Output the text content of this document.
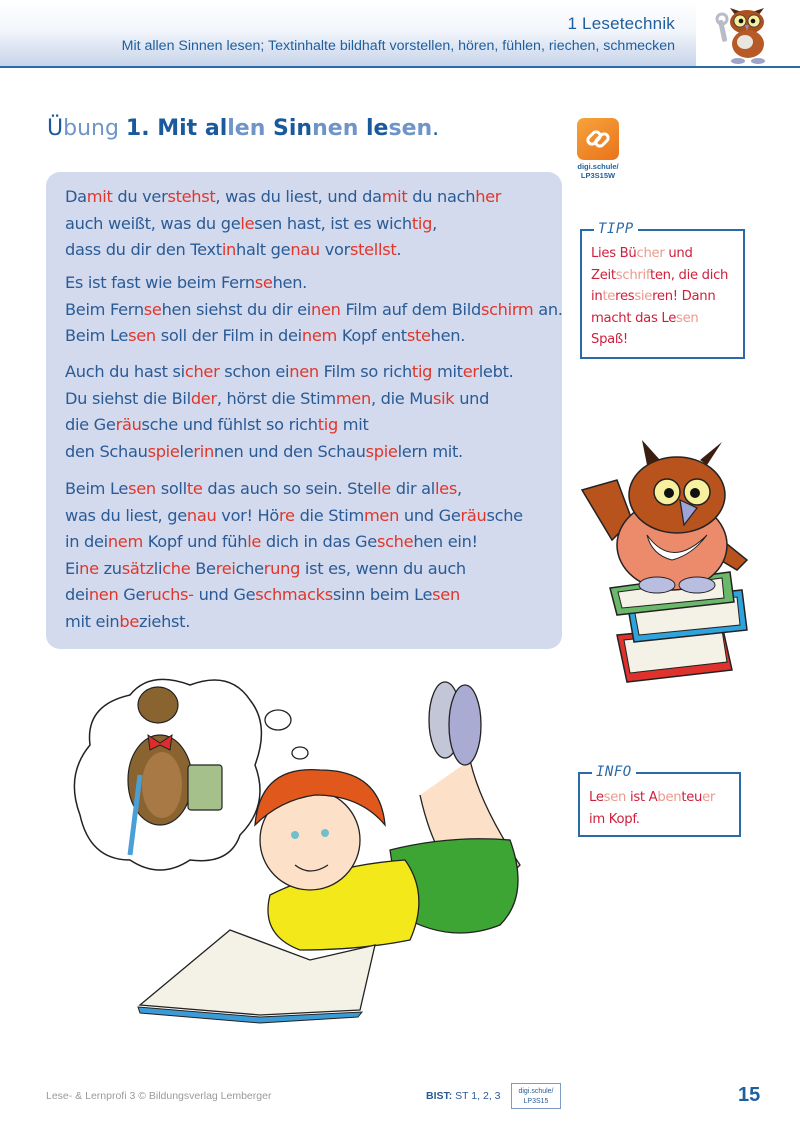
1 Lesetechnik
Mit allen Sinnen lesen; Textinhalte bildhaft vorstellen, hören, fühlen, riechen, schmecken
Übung 1. Mit allen Sinnen lesen.
digi.schule/
LP3S15W
Damit du verstehst, was du liest, und damit du nachher
auch weißt, was du gelesen hast, ist es wichtig,
dass du dir den Textinhalt genau vorstellst.
Es ist fast wie beim Fernsehen.
Beim Fernsehen siehst du dir einen Film auf dem Bildschirm an.
Beim Lesen soll der Film in deinem Kopf entstehen.
Auch du hast sicher schon einen Film so richtig miterlebt.
Du siehst die Bilder, hörst die Stimmen, die Musik und
die Geräusche und fühlst so richtig mit
den Schauspielerinnen und den Schauspielern mit.
Beim Lesen sollte das auch so sein. Stelle dir alles,
was du liest, genau vor! Höre die Stimmen und Geräusche
in deinem Kopf und fühle dich in das Geschehen ein!
Eine zusätzliche Bereicherung ist es, wenn du auch
deinen Geruchs- und Geschmackssinn beim Lesen
mit einbeziehst.
TIPP
Lies Bücher und
Zeitschriften, die dich
interessieren! Dann
macht das Lesen
Spaß!
INFO
Lesen ist Abenteuer
im Kopf.
Lese- & Lernprofi 3 © Bildungsverlag Lemberger	BIST: ST 1, 2, 3	digi.schule/
LP3S15	15
